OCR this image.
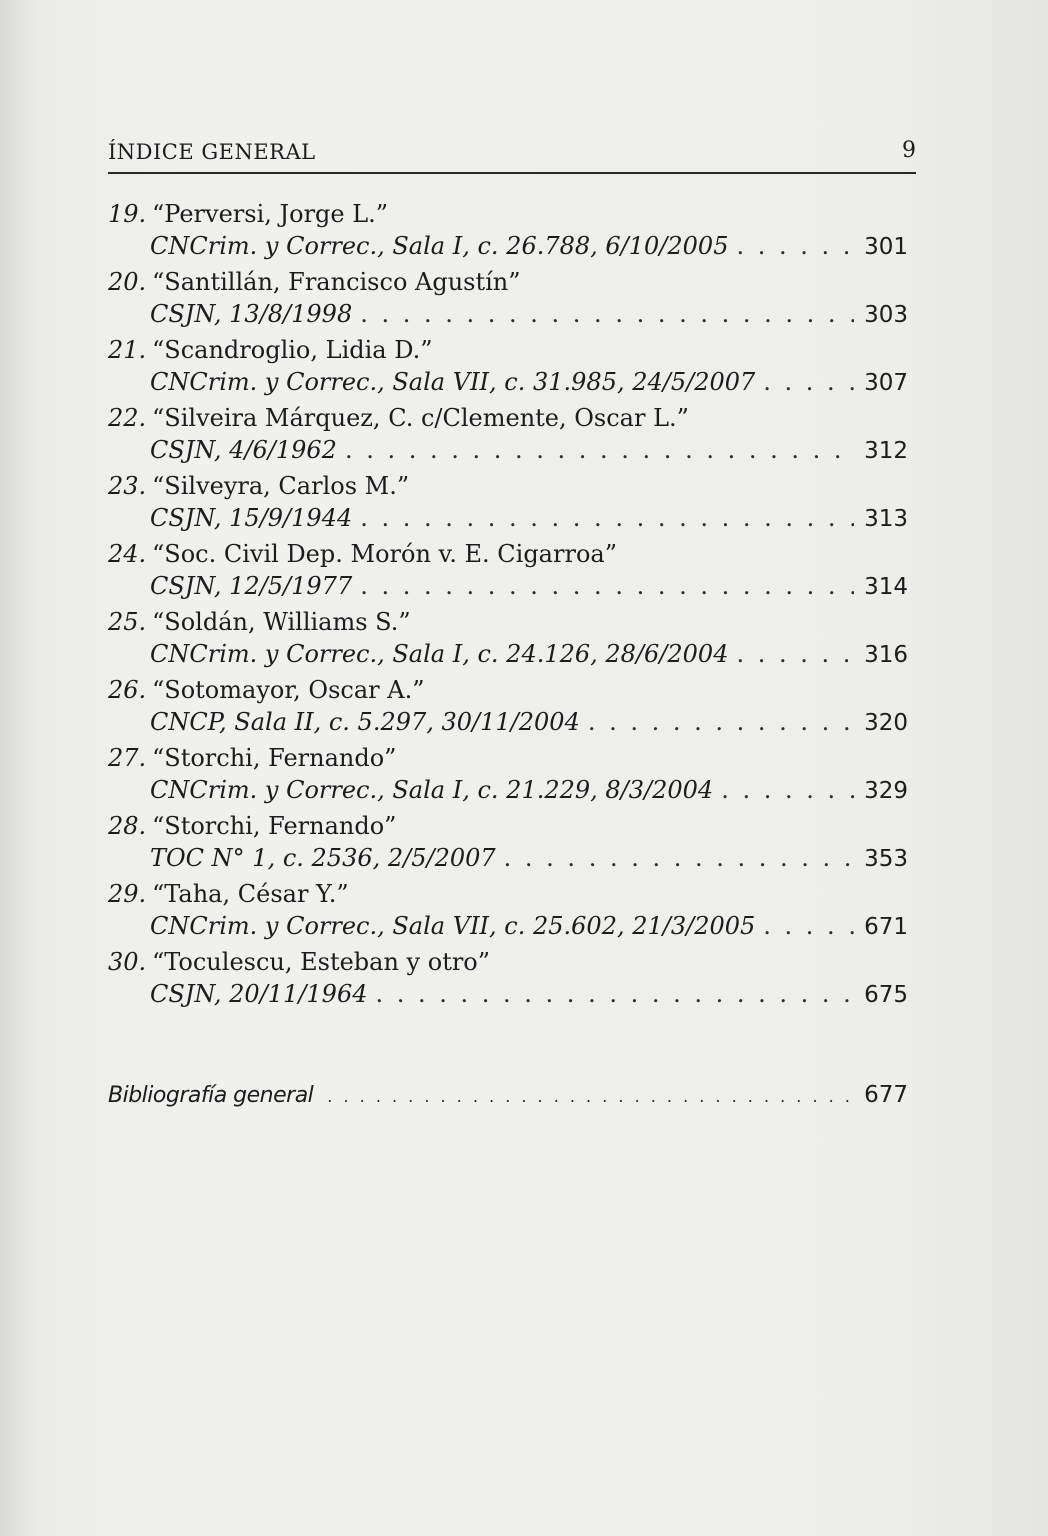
ÍNDICE GENERAL	9
19. “Perversi, Jorge L.”
CNCrim. y Correc., Sala I, c. 26.788, 6/10/2005 . . .	301
20. “Santillán, Francisco Agustín”
CSJN, 13/8/1998 . . .	303
21. “Scandroglio, Lidia D.”
CNCrim. y Correc., Sala VII, c. 31.985, 24/5/2007 . . .	307
22. “Silveira Márquez, C. c/Clemente, Oscar L.”
CSJN, 4/6/1962 . . .	312
23. “Silveyra, Carlos M.”
CSJN, 15/9/1944 . . .	313
24. “Soc. Civil Dep. Morón v. E. Cigarroa”
CSJN, 12/5/1977 . . .	314
25. “Soldán, Williams S.”
CNCrim. y Correc., Sala I, c. 24.126, 28/6/2004 . . .	316
26. “Sotomayor, Oscar A.”
CNCP, Sala II, c. 5.297, 30/11/2004 . . .	320
27. “Storchi, Fernando”
CNCrim. y Correc., Sala I, c. 21.229, 8/3/2004 . . .	329
28. “Storchi, Fernando”
TOC N° 1, c. 2536, 2/5/2007 . . .	353
29. “Taha, César Y.”
CNCrim. y Correc., Sala VII, c. 25.602, 21/3/2005 . . .	671
30. “Toculescu, Esteban y otro”
CSJN, 20/11/1964 . . .	675
Bibliografía general . . .	677
